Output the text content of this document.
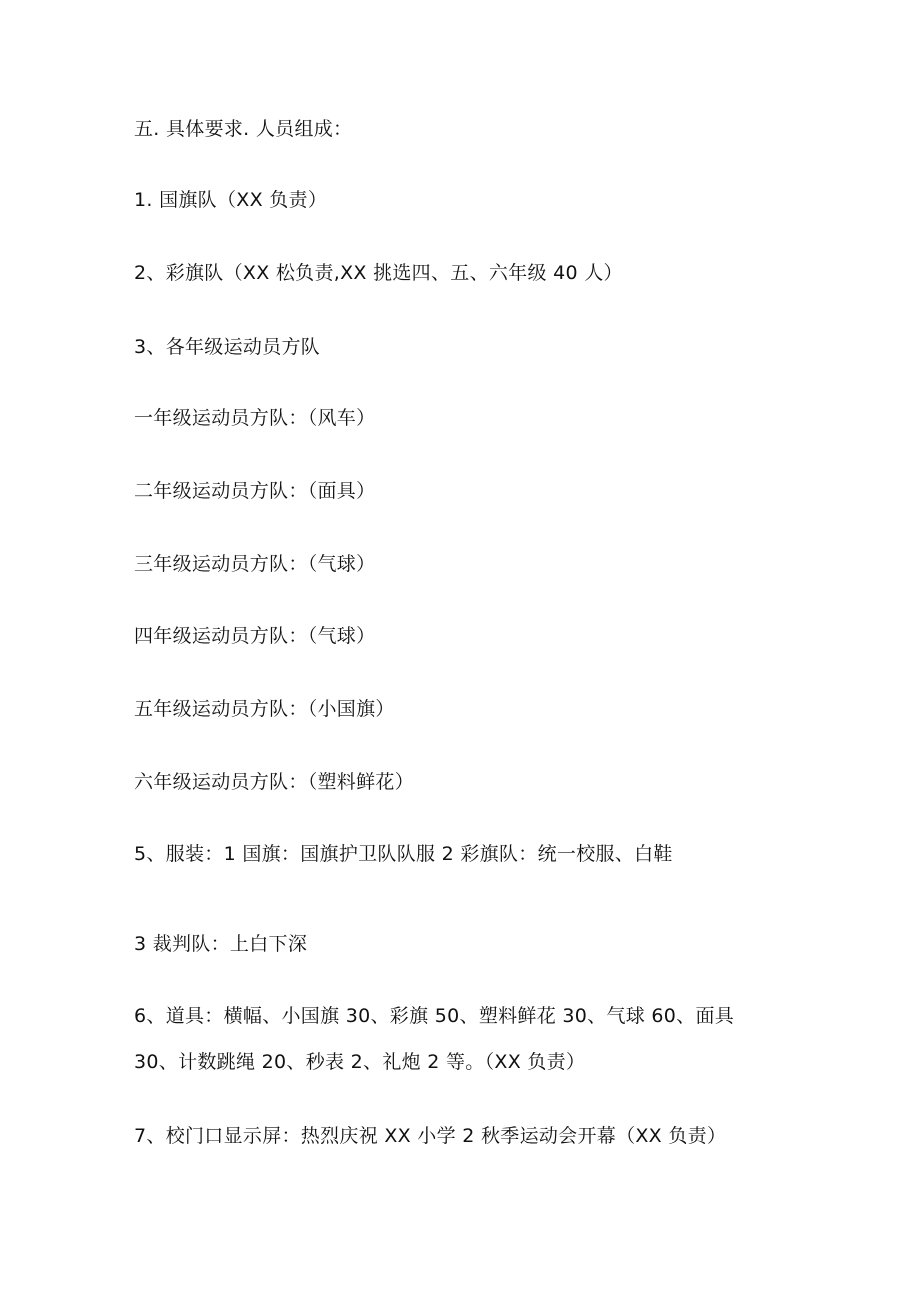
五. 具体要求. 人员组成：
1. 国旗队（XX 负责）
2、彩旗队（XX 松负责,XX 挑选四、五、六年级 40 人）
3、各年级运动员方队
一年级运动员方队：（风车）
二年级运动员方队：（面具）
三年级运动员方队：（气球）
四年级运动员方队：（气球）
五年级运动员方队：（小国旗）
六年级运动员方队：（塑料鲜花）
5、服装：1 国旗：国旗护卫队队服 2 彩旗队：统一校服、白鞋
3 裁判队：上白下深
6、道具：横幅、小国旗 30、彩旗 50、塑料鲜花 30、气球 60、面具
30、计数跳绳 20、秒表 2、礼炮 2 等。（XX 负责）
7、校门口显示屏：热烈庆祝 XX 小学 2 秋季运动会开幕（XX 负责）
